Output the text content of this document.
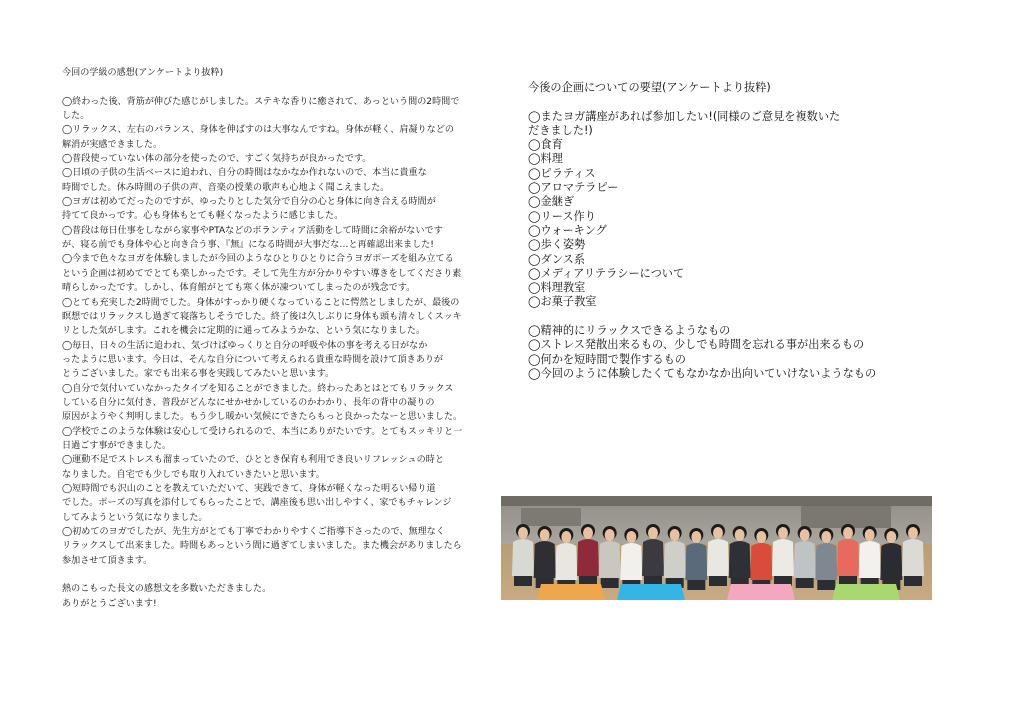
今回の学級の感想(アンケートより抜粋)

◯終わった後、背筋が伸びた感じがしました。ステキな香りに癒されて、あっという間の2時間で

した。

◯リラックス、左右のバランス、身体を伸ばすのは大事なんですね。身体が軽く、肩凝りなどの

解消が実感できました。

◯普段使っていない体の部分を使ったので、すごく気持ちが良かったです。

◯日頃の子供の生活ベースに追われ、自分の時間はなかなか作れないので、本当に貴重な

時間でした。休み時間の子供の声、音楽の授業の歌声も心地よく聞こえました。

◯ヨガは初めてだったのですが、ゆったりとした気分で自分の心と身体に向き合える時間が

持てて良かっです。心も身体もとても軽くなったように感じました。

◯普段は毎日仕事をしながら家事やPTAなどのボランティア活動をして時間に余裕がないです

が、寝る前でも身体や心と向き合う事、『無』になる時間が大事だな…と再確認出来ました!

◯今まで色々なヨガを体験しましたが今回のようなひとりひとりに合うヨガポーズを組み立てる

という企画は初めてでとても楽しかったです。そして先生方が分かりやすい導きをしてくださり素

晴らしかったです。しかし、体育館がとても寒く体が凍ついてしまったのが残念です。

◯とても充実した2時間でした。身体がすっかり硬くなっていることに愕然としましたが、最後の

瞑想ではリラックスし過ぎて寝落ちしそうでした。終了後は久しぶりに身体も頭も清々しくスッキ

リとした気がします。これを機会に定期的に通ってみようかな、という気になりました。

◯毎日、日々の生活に追われ、気づけばゆっくりと自分の呼吸や体の事を考える日がなか

ったように思います。今日は、そんな自分について考えられる貴重な時間を設けて頂きありが

とうございました。家でも出来る事を実践してみたいと思います。

◯自分で気付いていなかったタイプを知ることができました。終わったあとはとてもリラックス

している自分に気付き、普段がどんなにせかせかしているのかわかり、長年の背中の凝りの

原因がようやく判明しました。もう少し暖かい気候にできたらもっと良かったなーと思いました。

◯学校でこのような体験は安心して受けられるので、本当にありがたいです。とてもスッキリと一

日過ごす事ができました。

◯運動不足でストレスも溜まっていたので、ひととき保育も利用でき良いリフレッシュの時と

なりました。自宅でも少しでも取り入れていきたいと思います。

◯短時間でも沢山のことを教えていただいて、実践できて、身体が軽くなった明るい帰り道

でした。ポーズの写真を添付してもらったことで、講座後も思い出しやすく、家でもチャレンジ

してみようという気になりました。

◯初めてのヨガでしたが、先生方がとても丁寧でわかりやすくご指導下さったので、無理なく

リラックスして出来ました。時間もあっという間に過ぎてしまいました。また機会がありましたら

参加させて頂きます。

熱のこもった長文の感想文を多数いただきました。

ありがとうございます!

今後の企画についての要望(アンケートより抜粋)

◯またヨガ講座があれば参加したい!(同様のご意見を複数いた

だきました!)

◯食育

◯料理

◯ピラティス

◯アロマテラピー

◯金継ぎ

◯リース作り

◯ウォーキング

◯歩く姿勢

◯ダンス系

◯メディアリテラシーについて

◯料理教室

◯お菓子教室

◯精神的にリラックスできるようなもの

◯ストレス発散出来るもの、少しでも時間を忘れる事が出来るもの

◯何かを短時間で製作するもの

◯今回のように体験したくてもなかなか出向いていけないようなもの
